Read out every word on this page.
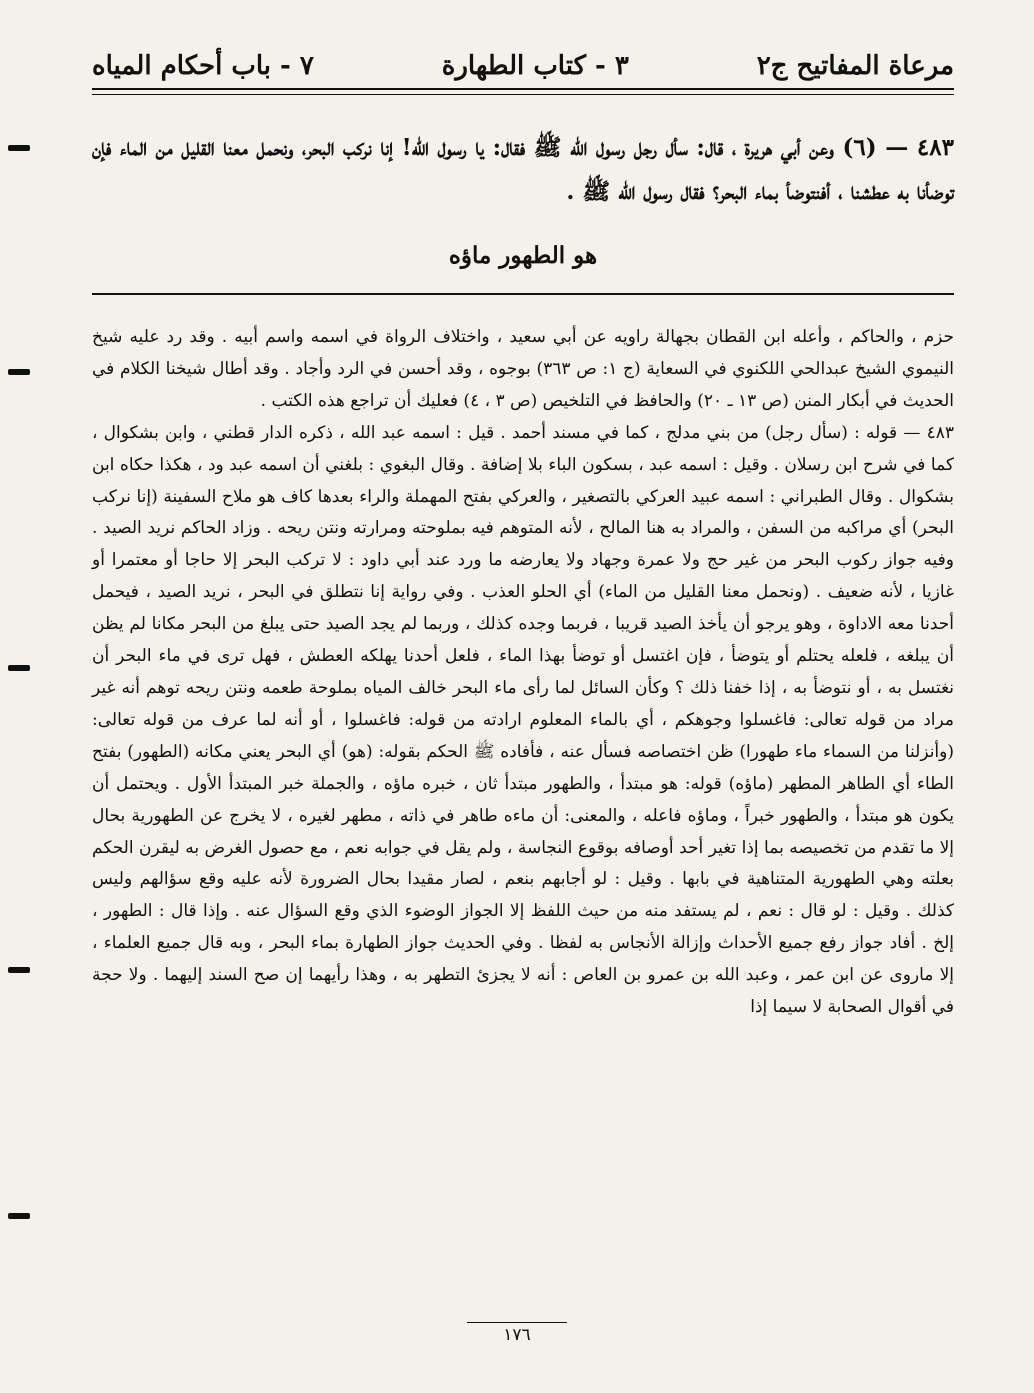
مرعاة المفاتيح ج٢
٣ - كتاب الطهارة
٧ - باب أحكام المياه
٤٨٣ — (٦) وعن أبي هريرة ، قال: سأل رجل رسول الله ﷺ فقال: يا رسول الله! إنا نركب البحر، ونحمل معنا القليل من الماء فإن توضأنا به عطشنا ، أفنتوضأ بماء البحر؟ فقال رسول الله ﷺ .
هو الطهور ماؤه

حزم ، والحاكم ، وأعله ابن القطان بجهالة راويه عن أبي سعيد ، واختلاف الرواة في اسمه واسم أبيه . وقد رد عليه شيخ النيموي الشيخ عبدالحي اللكنوي في السعاية (ج ١: ص ٣٦٣) بوجوه ، وقد أحسن في الرد وأجاد . وقد أطال شيخنا الكلام في الحديث في أبكار المنن (ص ١٣ ـ ٢٠) والحافظ في التلخيص (ص ٣ ، ٤) فعليك أن تراجع هذه الكتب .

٤٨٣ — قوله : (سأل رجل) من بني مدلج ، كما في مسند أحمد . قيل : اسمه عبد الله ، ذكره الدار قطني ، وابن بشكوال ، كما في شرح ابن رسلان . وقيل : اسمه عبد ، بسكون الباء بلا إضافة . وقال البغوي : بلغني أن اسمه عبد ود ، هكذا حكاه ابن بشكوال . وقال الطبراني : اسمه عبيد العركي بالتصغير ، والعركي بفتح المهملة والراء بعدها كاف هو ملاح السفينة (إنا نركب البحر) أي مراكبه من السفن ، والمراد به هنا المالح ، لأنه المتوهم فيه بملوحته ومرارته ونتن ريحه . وزاد الحاكم نريد الصيد . وفيه جواز ركوب البحر من غير حج ولا عمرة وجهاد ولا يعارضه ما ورد عند أبي داود : لا تركب البحر إلا حاجا أو معتمرا أو غازيا ، لأنه ضعيف . (ونحمل معنا القليل من الماء) أي الحلو العذب . وفي رواية إنا نتطلق في البحر ، نريد الصيد ، فيحمل أحدنا معه الاداوة ، وهو يرجو أن يأخذ الصيد قريبا ، فربما وجده كذلك ، وربما لم يجد الصيد حتى يبلغ من البحر مكانا لم يظن أن يبلغه ، فلعله يحتلم أو يتوضأ ، فإن اغتسل أو توضأ بهذا الماء ، فلعل أحدنا يهلكه العطش ، فهل ترى في ماء البحر أن نغتسل به ، أو نتوضأ به ، إذا خفنا ذلك ؟ وكأن السائل لما رأى ماء البحر خالف المياه بملوحة طعمه ونتن ريحه توهم أنه غير مراد من قوله تعالى: فاغسلوا وجوهكم ، أي بالماء المعلوم ارادته من قوله: فاغسلوا ، أو أنه لما عرف من قوله تعالى: (وأنزلنا من السماء ماء طهورا) ظن اختصاصه فسأل عنه ، فأفاده ﷺ الحكم بقوله: (هو) أي البحر يعني مكانه (الطهور) بفتح الطاء أي الطاهر المطهر (ماؤه) قوله: هو مبتدأ ، والطهور مبتدأ ثان ، خبره ماؤه ، والجملة خبر المبتدأ الأول . ويحتمل أن يكون هو مبتدأ ، والطهور خبراً ، وماؤه فاعله ، والمعنى: أن ماءه طاهر في ذاته ، مطهر لغيره ، لا يخرج عن الطهورية بحال إلا ما تقدم من تخصيصه بما إذا تغير أحد أوصافه بوقوع النجاسة ، ولم يقل في جوابه نعم ، مع حصول الغرض به ليقرن الحكم بعلته وهي الطهورية المتناهية في بابها . وقيل : لو أجابهم بنعم ، لصار مقيدا بحال الضرورة لأنه عليه وقع سؤالهم وليس كذلك . وقيل : لو قال : نعم ، لم يستفد منه من حيث اللفظ إلا الجواز الوضوء الذي وقع السؤال عنه . وإذا قال : الطهور ، إلخ . أفاد جواز رفع جميع الأحداث وإزالة الأنجاس به لفظا . وفي الحديث جواز الطهارة بماء البحر ، وبه قال جميع العلماء ، إلا ماروى عن ابن عمر ، وعبد الله بن عمرو بن العاص : أنه لا يجزئ التطهر به ، وهذا رأيهما إن صح السند إليهما . ولا حجة في أقوال الصحابة لا سيما إذا

١٧٦
